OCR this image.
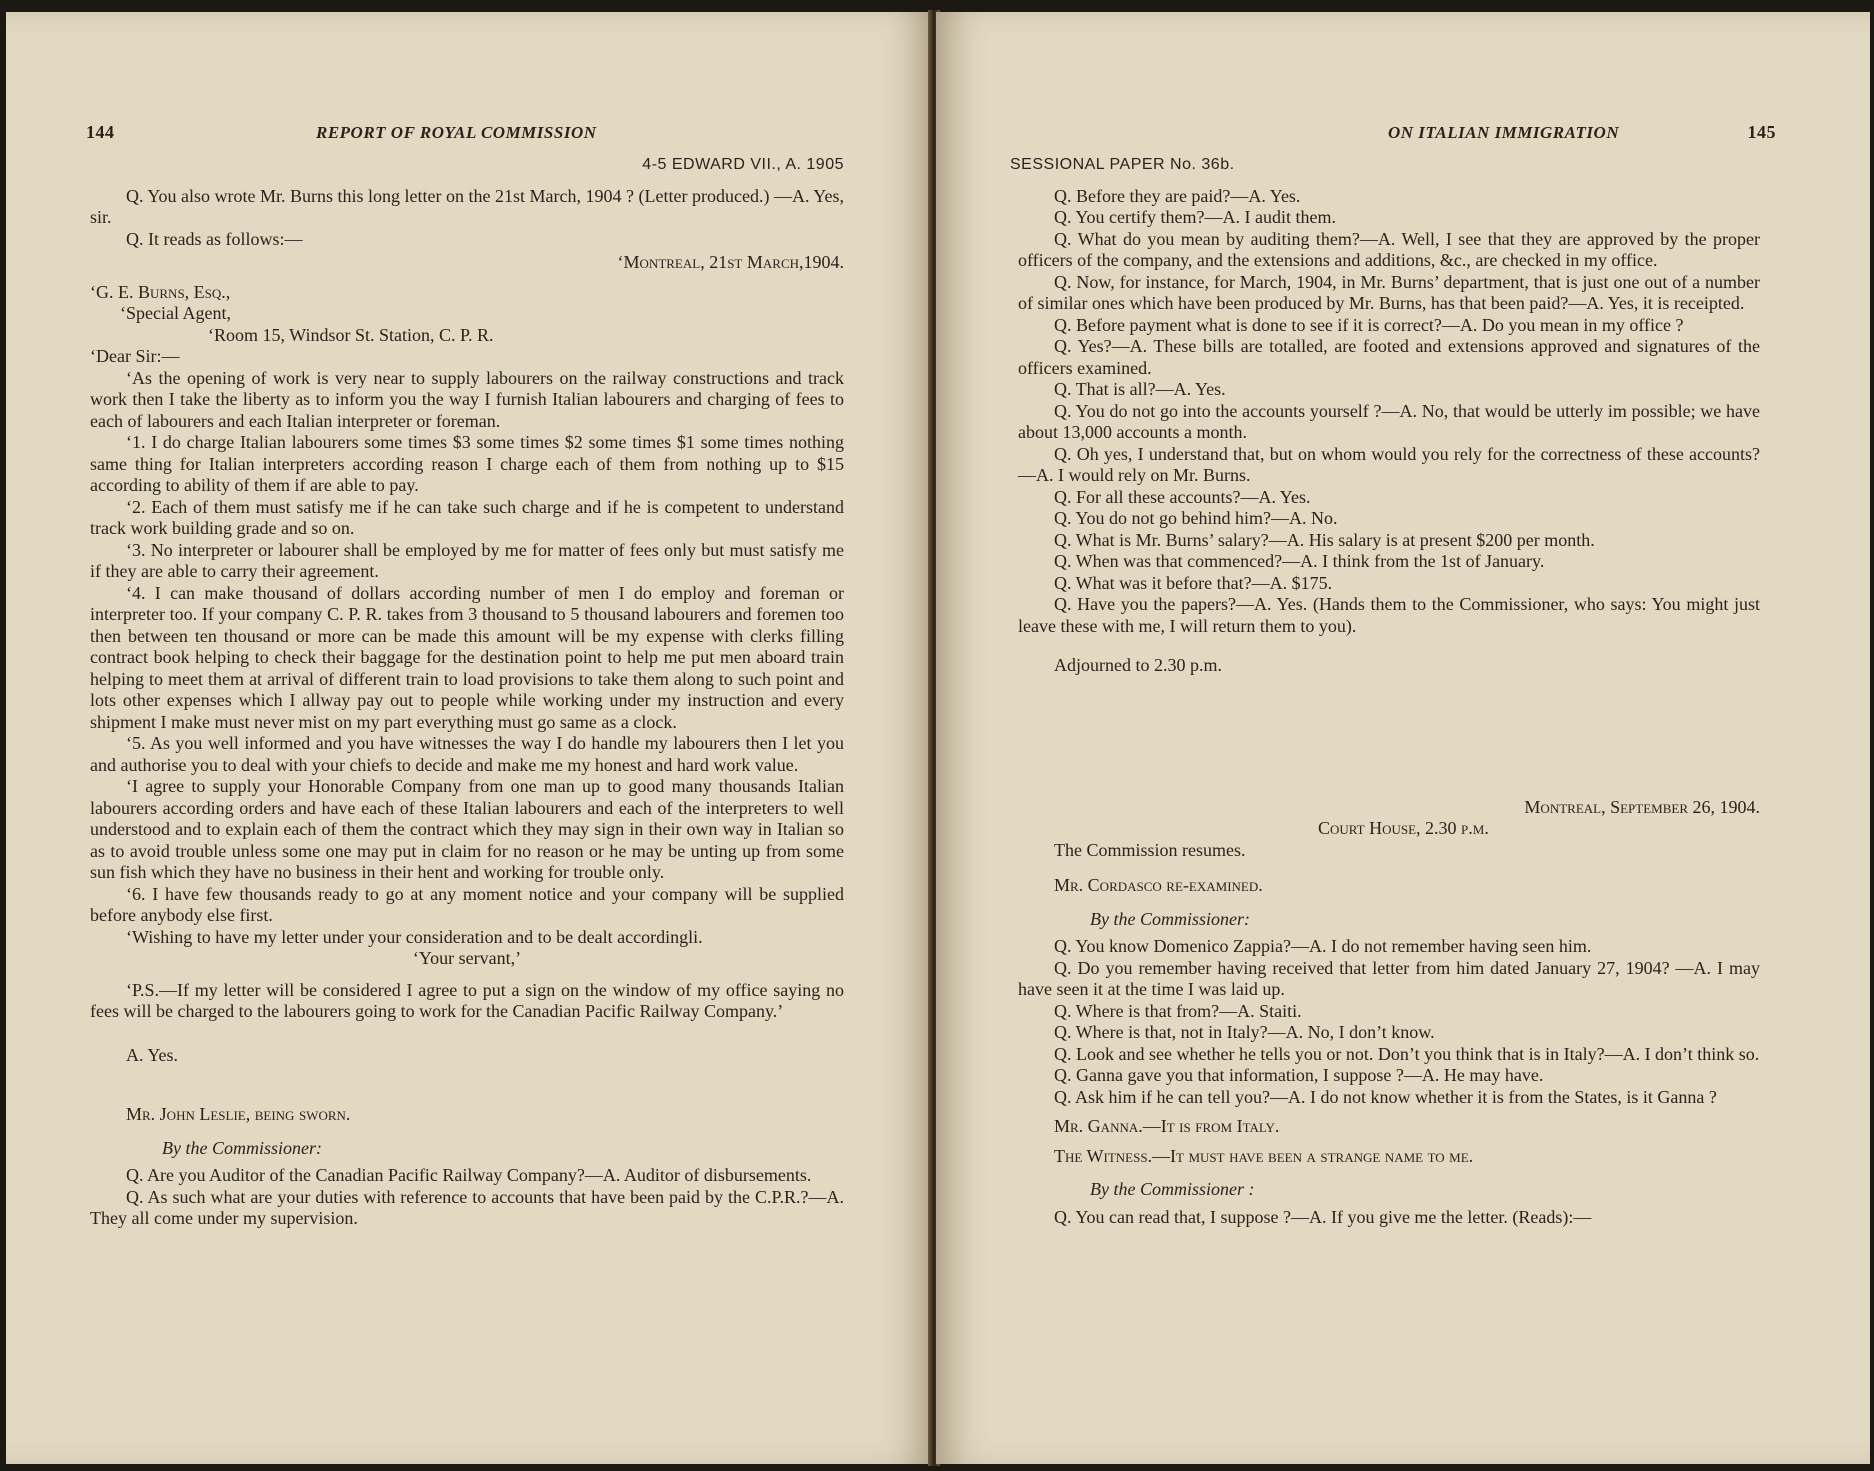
144	REPORT OF ROYAL COMMISSION
4-5 EDWARD VII., A. 1905

Q. You also wrote Mr. Burns this long letter on the 21st March, 1904 ? (Letter produced.) —A. Yes, sir.

Q. It reads as follows:—

‘Montreal, 21st March,1904.

‘G. E. Burns, Esq.,

‘Special Agent,

‘Room 15, Windsor St. Station, C. P. R.

‘Dear Sir:—

‘As the opening of work is very near to supply labourers on the railway constructions and track work then I take the liberty as to inform you the way I furnish Italian labourers and charging of fees to each of labourers and each Italian interpreter or foreman.

‘1. I do charge Italian labourers some times $3 some times $2 some times $1 some times nothing same thing for Italian interpreters according reason I charge each of them from nothing up to $15 according to ability of them if are able to pay.

‘2. Each of them must satisfy me if he can take such charge and if he is competent to understand track work building grade and so on.

‘3. No interpreter or labourer shall be employed by me for matter of fees only but must satisfy me if they are able to carry their agreement.

‘4. I can make thousand of dollars according number of men I do employ and foreman or interpreter too. If your company C. P. R. takes from 3 thousand to 5 thousand labourers and foremen too then between ten thousand or more can be made this amount will be my expense with clerks filling contract book helping to check their baggage for the destination point to help me put men aboard train helping to meet them at arrival of different train to load provisions to take them along to such point and lots other expenses which I allway pay out to people while working under my instruction and every shipment I make must never mist on my part everything must go same as a clock.

‘5. As you well informed and you have witnesses the way I do handle my labourers then I let you and authorise you to deal with your chiefs to decide and make me my honest and hard work value.

‘I agree to supply your Honorable Company from one man up to good many thousands Italian labourers according orders and have each of these Italian labourers and each of the interpreters to well understood and to explain each of them the contract which they may sign in their own way in Italian so as to avoid trouble unless some one may put in claim for no reason or he may be unting up from some sun fish which they have no business in their hent and working for trouble only.

‘6. I have few thousands ready to go at any moment notice and your company will be supplied before anybody else first.

‘Wishing to have my letter under your consideration and to be dealt accordingli.

‘Your servant,’

‘P.S.—If my letter will be considered I agree to put a sign on the window of my office saying no fees will be charged to the labourers going to work for the Canadian Pacific Railway Company.’

A. Yes.

Mr. John Leslie, being sworn.

By the Commissioner:

Q. Are you Auditor of the Canadian Pacific Railway Company?—A. Auditor of disbursements.

Q. As such what are your duties with reference to accounts that have been paid by the C.P.R.?—A. They all come under my supervision.

ON ITALIAN IMMIGRATION	145
SESSIONAL PAPER No. 36b.

Q. Before they are paid?—A. Yes.

Q. You certify them?—A. I audit them.

Q. What do you mean by auditing them?—A. Well, I see that they are approved by the proper officers of the company, and the extensions and additions, &c., are checked in my office.

Q. Now, for instance, for March, 1904, in Mr. Burns’ department, that is just one out of a number of similar ones which have been produced by Mr. Burns, has that been paid?—A. Yes, it is receipted.

Q. Before payment what is done to see if it is correct?—A. Do you mean in my office ?

Q. Yes?—A. These bills are totalled, are footed and extensions approved and signatures of the officers examined.

Q. That is all?—A. Yes.

Q. You do not go into the accounts yourself ?—A. No, that would be utterly im possible; we have about 13,000 accounts a month.

Q. Oh yes, I understand that, but on whom would you rely for the correctness of these accounts?—A. I would rely on Mr. Burns.

Q. For all these accounts?—A. Yes.

Q. You do not go behind him?—A. No.

Q. What is Mr. Burns’ salary?—A. His salary is at present $200 per month.

Q. When was that commenced?—A. I think from the 1st of January.

Q. What was it before that?—A. $175.

Q. Have you the papers?—A. Yes. (Hands them to the Commissioner, who says: You might just leave these with me, I will return them to you).

Adjourned to 2.30 p.m.

Montreal, September 26, 1904.

Court House, 2.30 p.m.

The Commission resumes.

Mr. Cordasco re-examined.

By the Commissioner:

Q. You know Domenico Zappia?—A. I do not remember having seen him.

Q. Do you remember having received that letter from him dated January 27, 1904? —A. I may have seen it at the time I was laid up.

Q. Where is that from?—A. Staiti.

Q. Where is that, not in Italy?—A. No, I don’t know.

Q. Look and see whether he tells you or not. Don’t you think that is in Italy?—A. I don’t think so.

Q. Ganna gave you that information, I suppose ?—A. He may have.

Q. Ask him if he can tell you?—A. I do not know whether it is from the States, is it Ganna ?

Mr. Ganna.—It is from Italy.

The Witness.—It must have been a strange name to me.

By the Commissioner :

Q. You can read that, I suppose ?—A. If you give me the letter. (Reads):—
